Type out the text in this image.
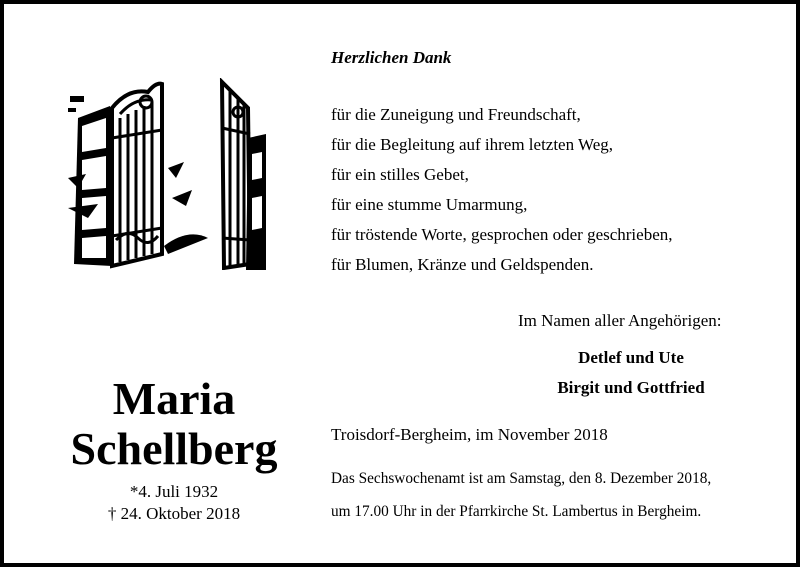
Herzlichen Dank
für die Zuneigung und Freundschaft,
für die Begleitung auf ihrem letzten Weg,
für ein stilles Gebet,
für eine stumme Umarmung,
für tröstende Worte, gesprochen oder geschrieben,
für Blumen, Kränze und Geldspenden.
Im Namen aller Angehörigen:
Detlef und Ute
Birgit und Gottfried
Maria
Schellberg
*4. Juli 1932
† 24. Oktober 2018
Troisdorf-Bergheim, im November 2018
Das Sechswochenamt ist am Samstag, den 8. Dezember 2018,
um 17.00 Uhr in der Pfarrkirche St. Lambertus in Bergheim.
